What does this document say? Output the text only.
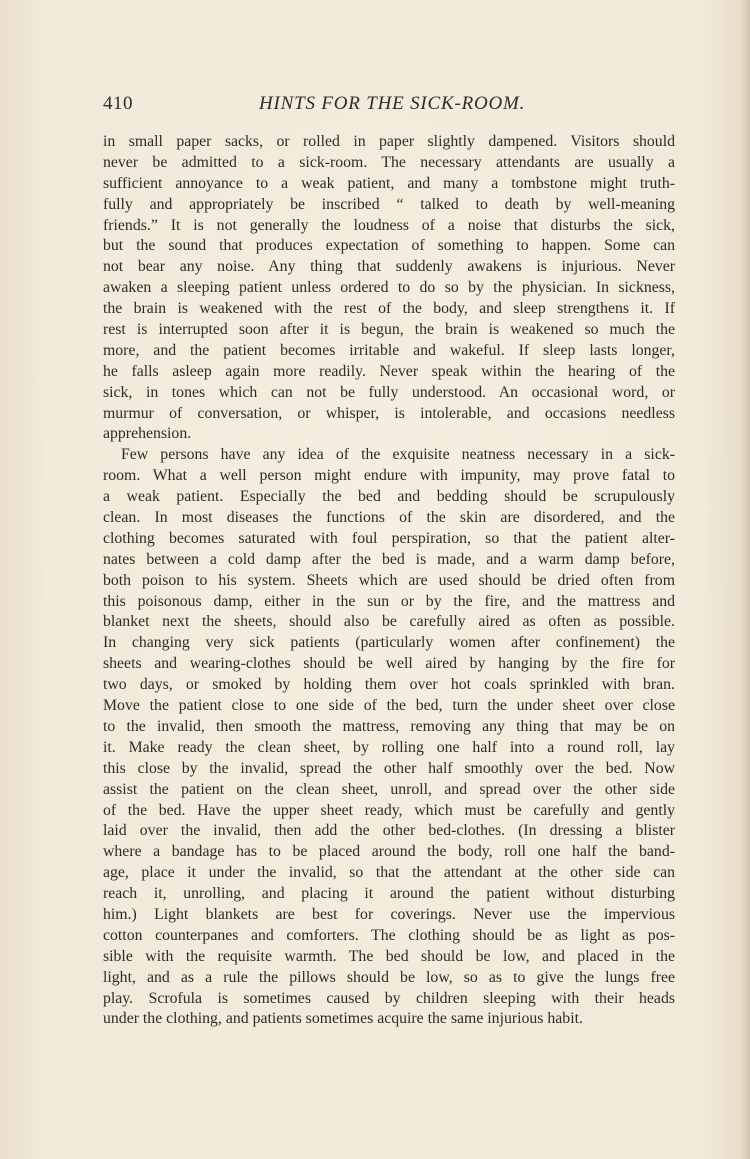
410	HINTS FOR THE SICK-ROOM.
in small paper sacks, or rolled in paper slightly dampened. Visitors should
never be admitted to a sick-room. The necessary attendants are usually a
sufficient annoyance to a weak patient, and many a tombstone might truth-
fully and appropriately be inscribed “ talked to death by well-meaning
friends.” It is not generally the loudness of a noise that disturbs the sick,
but the sound that produces expectation of something to happen. Some can
not bear any noise. Any thing that suddenly awakens is injurious. Never
awaken a sleeping patient unless ordered to do so by the physician. In sickness,
the brain is weakened with the rest of the body, and sleep strengthens it. If
rest is interrupted soon after it is begun, the brain is weakened so much the
more, and the patient becomes irritable and wakeful. If sleep lasts longer,
he falls asleep again more readily. Never speak within the hearing of the
sick, in tones which can not be fully understood. An occasional word, or
murmur of conversation, or whisper, is intolerable, and occasions needless
apprehension.
Few persons have any idea of the exquisite neatness necessary in a sick-
room. What a well person might endure with impunity, may prove fatal to
a weak patient. Especially the bed and bedding should be scrupulously
clean. In most diseases the functions of the skin are disordered, and the
clothing becomes saturated with foul perspiration, so that the patient alter-
nates between a cold damp after the bed is made, and a warm damp before,
both poison to his system. Sheets which are used should be dried often from
this poisonous damp, either in the sun or by the fire, and the mattress and
blanket next the sheets, should also be carefully aired as often as possible.
In changing very sick patients (particularly women after confinement) the
sheets and wearing-clothes should be well aired by hanging by the fire for
two days, or smoked by holding them over hot coals sprinkled with bran.
Move the patient close to one side of the bed, turn the under sheet over close
to the invalid, then smooth the mattress, removing any thing that may be on
it. Make ready the clean sheet, by rolling one half into a round roll, lay
this close by the invalid, spread the other half smoothly over the bed. Now
assist the patient on the clean sheet, unroll, and spread over the other side
of the bed. Have the upper sheet ready, which must be carefully and gently
laid over the invalid, then add the other bed-clothes. (In dressing a blister
where a bandage has to be placed around the body, roll one half the band-
age, place it under the invalid, so that the attendant at the other side can
reach it, unrolling, and placing it around the patient without disturbing
him.) Light blankets are best for coverings. Never use the impervious
cotton counterpanes and comforters. The clothing should be as light as pos-
sible with the requisite warmth. The bed should be low, and placed in the
light, and as a rule the pillows should be low, so as to give the lungs free
play. Scrofula is sometimes caused by children sleeping with their heads
under the clothing, and patients sometimes acquire the same injurious habit.
